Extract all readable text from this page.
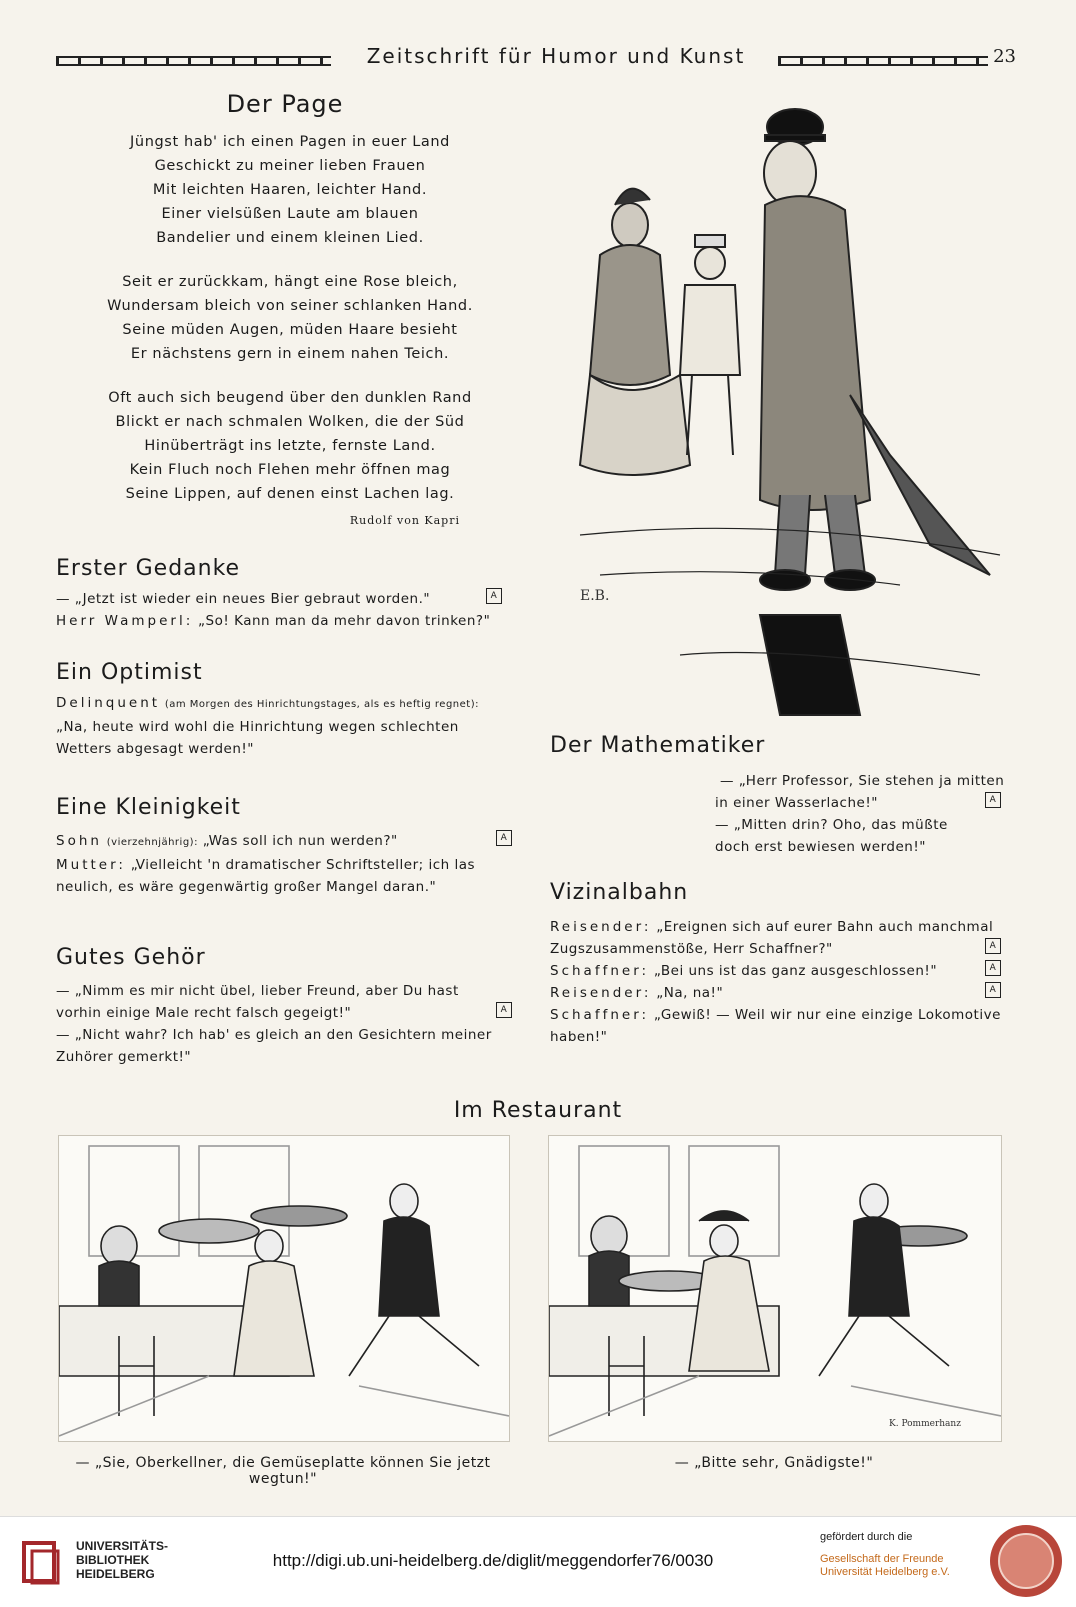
Zeitschrift für Humor und Kunst	23
Der Page
Jüngst hab' ich einen Pagen in euer Land
Geschickt zu meiner lieben Frauen
Mit leichten Haaren, leichter Hand.
Einer vielsüßen Laute am blauen
Bandelier und einem kleinen Lied.
Seit er zurückkam, hängt eine Rose bleich,
Wundersam bleich von seiner schlanken Hand.
Seine müden Augen, müden Haare besieht
Er nächstens gern in einem nahen Teich.
Oft auch sich beugend über den dunklen Rand
Blickt er nach schmalen Wolken, die der Süd
Hinüberträgt ins letzte, fernste Land.
Kein Fluch noch Flehen mehr öffnen mag
Seine Lippen, auf denen einst Lachen lag.
Rudolf von Kapri
Erster Gedanke
— „Jetzt ist wieder ein neues Bier gebraut worden."	A
Herr Wamperl: „So! Kann man da mehr davon trinken?"
Ein Optimist
Delinquent (am Morgen des Hinrichtungstages, als es heftig regnet):
„Na, heute wird wohl die Hinrichtung wegen schlechten
Wetters abgesagt werden!"
Eine Kleinigkeit
Sohn (vierzehnjährig): „Was soll ich nun werden?"	A
Mutter: „Vielleicht 'n dramatischer Schriftsteller; ich las
neulich, es wäre gegenwärtig großer Mangel daran."
Gutes Gehör
— „Nimm es mir nicht übel, lieber Freund, aber Du hast
vorhin einige Male recht falsch gegeigt!"	A
— „Nicht wahr? Ich hab' es gleich an den Gesichtern meiner
Zuhörer gemerkt!"
E.B.
Der Mathematiker
— „Herr Professor, Sie stehen ja mitten
in einer Wasserlache!"	A
— „Mitten drin? Oho, das müßte
doch erst bewiesen werden!"
Vizinalbahn
Reisender: „Ereignen sich auf eurer Bahn auch manchmal
Zugszusammenstöße, Herr Schaffner?"	A
Schaffner: „Bei uns ist das ganz ausgeschlossen!"	A
Reisender: „Na, na!"	A
Schaffner: „Gewiß! — Weil wir nur eine einzige Lokomotive
haben!"
Im Restaurant
K. Pommerhanz
— „Sie, Oberkellner, die Gemüseplatte können Sie jetzt wegtun!"
— „Bitte sehr, Gnädigste!"
UNIVERSITÄTS-
BIBLIOTHEK
HEIDELBERG
http://digi.ub.uni-heidelberg.de/diglit/meggendorfer76/0030
gefördert durch die
Gesellschaft der Freunde
Universität Heidelberg e.V.
